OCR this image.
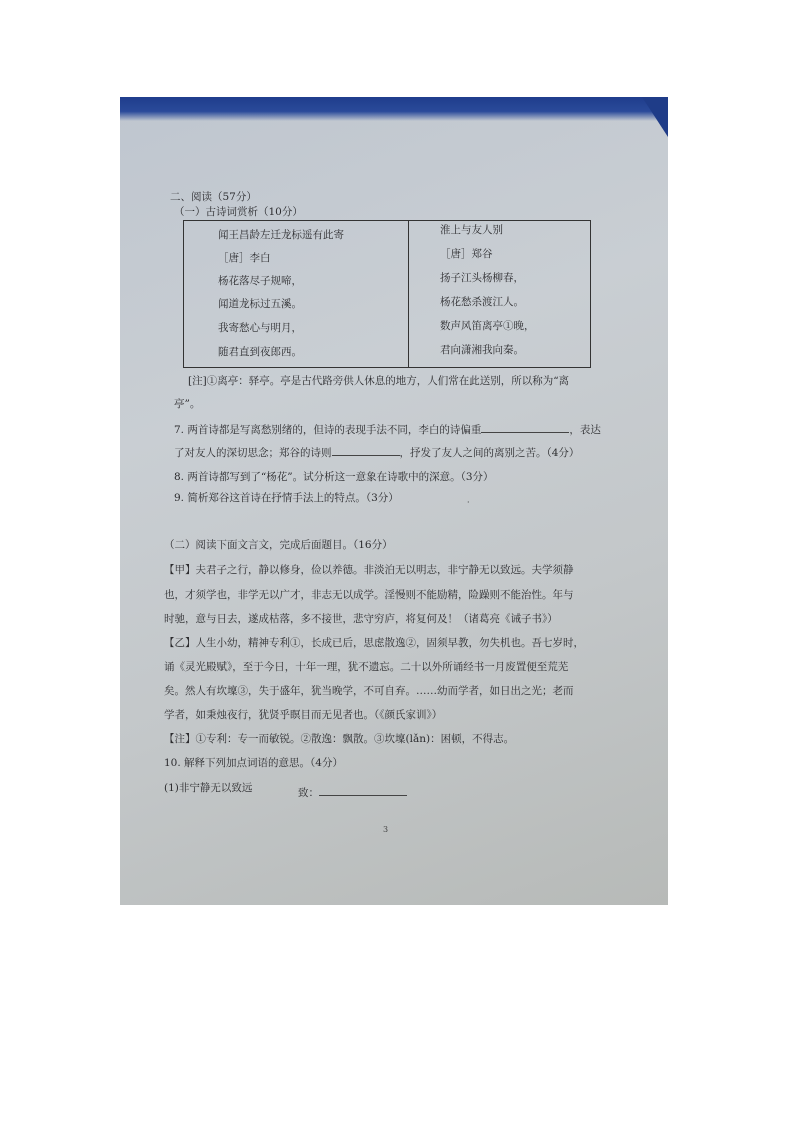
二、阅读（57分）
（一）古诗词赏析（10分）
闻王昌龄左迁龙标遥有此寄
［唐］李白
杨花落尽子规啼，
闻道龙标过五溪。
我寄愁心与明月，
随君直到夜郎西。
淮上与友人别
［唐］郑谷
扬子江头杨柳春，
杨花愁杀渡江人。
数声风笛离亭①晚，
君向潇湘我向秦。
[注]①离亭：驿亭。亭是古代路旁供人休息的地方，人们常在此送别，所以称为“离
亭”。
7. 两首诗都是写离愁别绪的，但诗的表现手法不同，李白的诗偏重	，表达
了对友人的深切思念；郑谷的诗则	，抒发了友人之间的离别之苦。（4分）
8. 两首诗都写到了“杨花”。试分析这一意象在诗歌中的深意。（3分）
9. 简析郑谷这首诗在抒情手法上的特点。（3分）	·
（二）阅读下面文言文，完成后面题目。（16分）
【甲】夫君子之行，静以修身，俭以养德。非淡泊无以明志，非宁静无以致远。夫学须静
也，才须学也，非学无以广才，非志无以成学。淫慢则不能励精，险躁则不能治性。年与
时驰，意与日去，遂成枯落，多不接世，悲守穷庐，将复何及！（诸葛亮《诫子书》）
【乙】人生小幼，精神专利①，长成已后，思虑散逸②，固须早教，勿失机也。吾七岁时，
诵《灵光殿赋》，至于今日，十年一理，犹不遗忘。二十以外所诵经书一月废置便至荒芜
矣。然人有坎壈③，失于盛年，犹当晚学，不可自弃。……幼而学者，如日出之光；老而
学者，如秉烛夜行，犹贤乎瞑目而无见者也。（《颜氏家训》）
【注】①专利：专一而敏锐。②散逸：飘散。③坎壈(lǎn)：困顿，不得志。
10. 解释下列加点词语的意思。（4分）
(1)非宁静无以致远	致：
3
